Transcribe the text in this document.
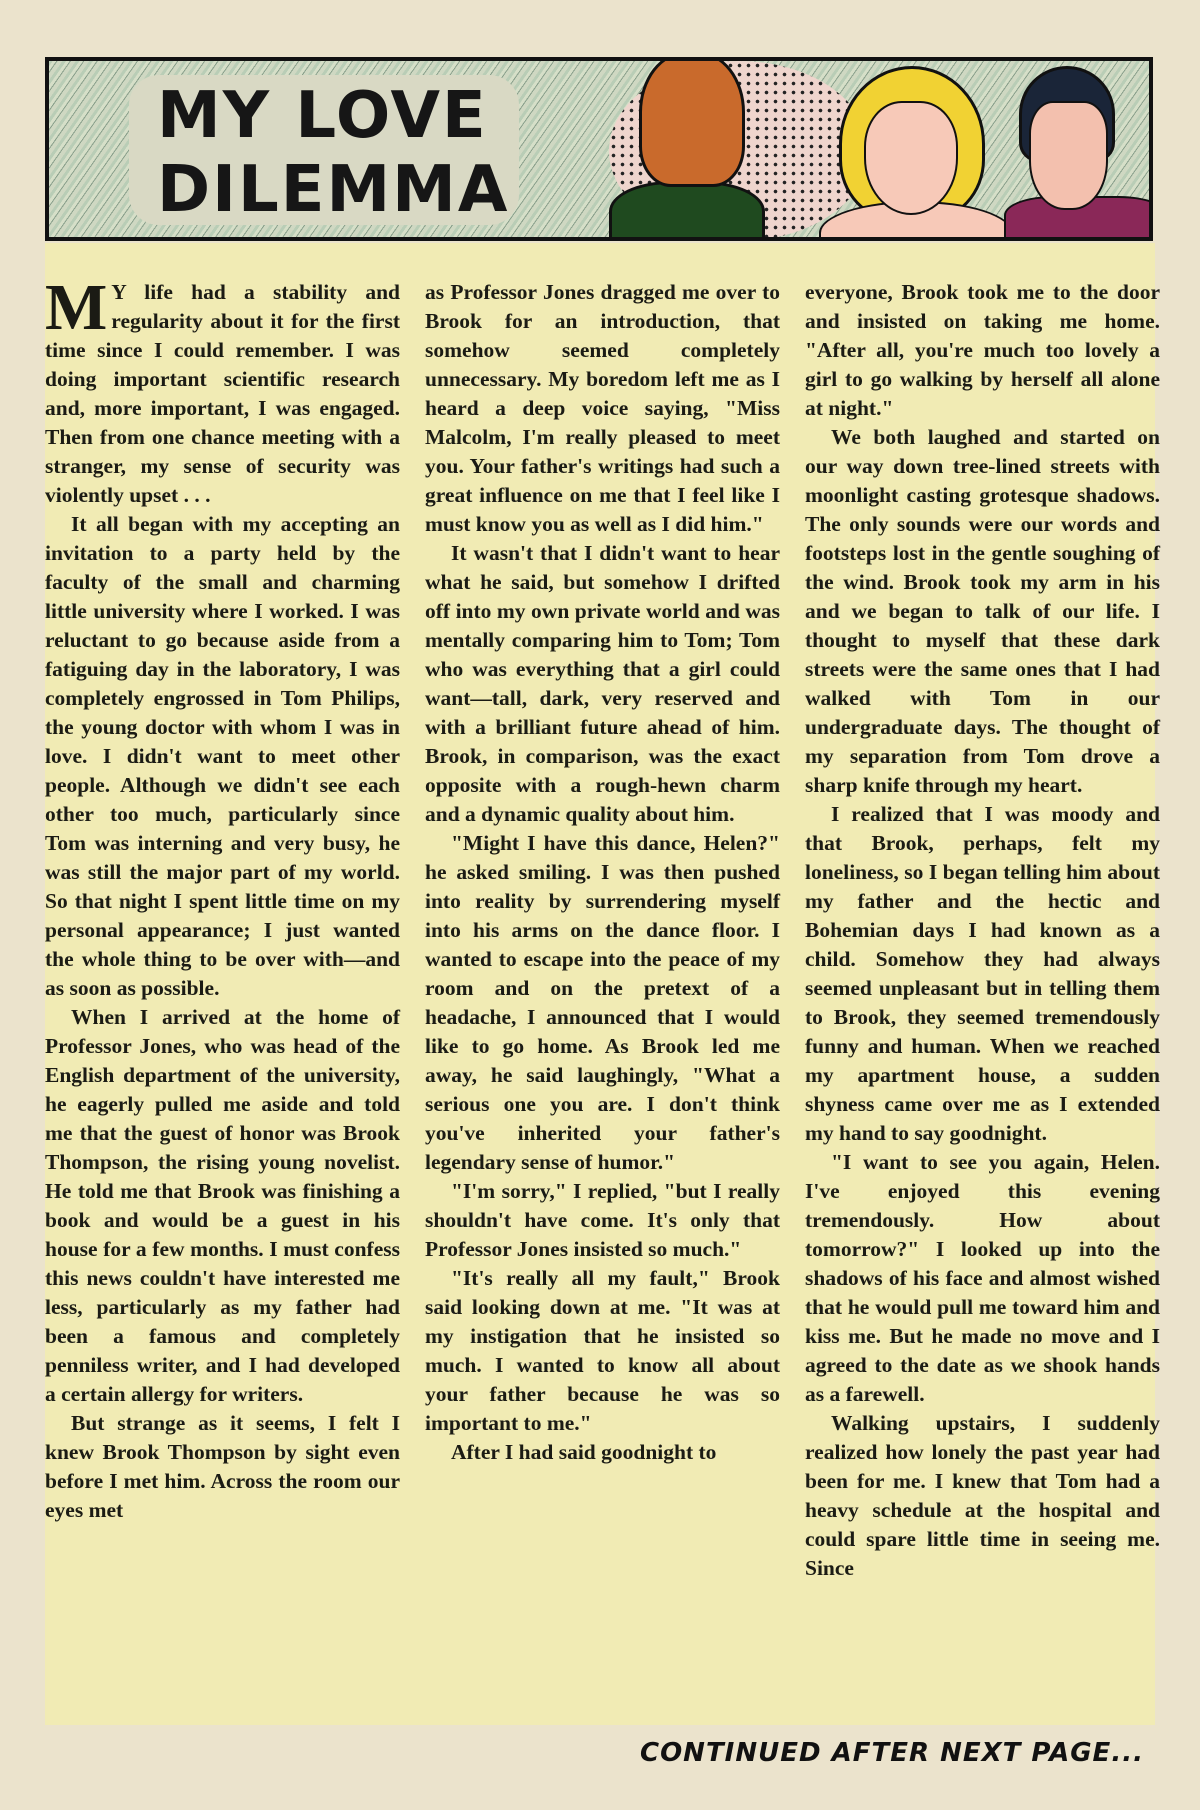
MY LOVE
DILEMMA

M Y life had a stability and regularity about it for the first time since I could remember. I was doing important scientific research and, more important, I was engaged. Then from one chance meeting with a stranger, my sense of security was violently upset . . .

It all began with my accepting an invitation to a party held by the faculty of the small and charming little university where I worked. I was reluctant to go because aside from a fatiguing day in the laboratory, I was completely engrossed in Tom Philips, the young doctor with whom I was in love. I didn't want to meet other people. Although we didn't see each other too much, particularly since Tom was interning and very busy, he was still the major part of my world. So that night I spent little time on my personal appearance; I just wanted the whole thing to be over with—and as soon as possible.

When I arrived at the home of Professor Jones, who was head of the English department of the university, he eagerly pulled me aside and told me that the guest of honor was Brook Thompson, the rising young novelist. He told me that Brook was finishing a book and would be a guest in his house for a few months. I must confess this news couldn't have interested me less, particularly as my father had been a famous and completely penniless writer, and I had developed a certain allergy for writers.

But strange as it seems, I felt I knew Brook Thompson by sight even before I met him. Across the room our eyes met

as Professor Jones dragged me over to Brook for an introduction, that somehow seemed completely unnecessary. My boredom left me as I heard a deep voice saying, "Miss Malcolm, I'm really pleased to meet you. Your father's writings had such a great influence on me that I feel like I must know you as well as I did him."

It wasn't that I didn't want to hear what he said, but somehow I drifted off into my own private world and was mentally comparing him to Tom; Tom who was everything that a girl could want—tall, dark, very reserved and with a brilliant future ahead of him. Brook, in comparison, was the exact opposite with a rough-hewn charm and a dynamic quality about him.

"Might I have this dance, Helen?" he asked smiling. I was then pushed into reality by surrendering myself into his arms on the dance floor. I wanted to escape into the peace of my room and on the pretext of a headache, I announced that I would like to go home. As Brook led me away, he said laughingly, "What a serious one you are. I don't think you've inherited your father's legendary sense of humor."

"I'm sorry," I replied, "but I really shouldn't have come. It's only that Professor Jones insisted so much."

"It's really all my fault," Brook said looking down at me. "It was at my instigation that he insisted so much. I wanted to know all about your father because he was so important to me."

After I had said goodnight to

everyone, Brook took me to the door and insisted on taking me home. "After all, you're much too lovely a girl to go walking by herself all alone at night."

We both laughed and started on our way down tree-lined streets with moonlight casting grotesque shadows. The only sounds were our words and footsteps lost in the gentle soughing of the wind. Brook took my arm in his and we began to talk of our life. I thought to myself that these dark streets were the same ones that I had walked with Tom in our undergraduate days. The thought of my separation from Tom drove a sharp knife through my heart.

I realized that I was moody and that Brook, perhaps, felt my loneliness, so I began telling him about my father and the hectic and Bohemian days I had known as a child. Somehow they had always seemed unpleasant but in telling them to Brook, they seemed tremendously funny and human. When we reached my apartment house, a sudden shyness came over me as I extended my hand to say goodnight.

"I want to see you again, Helen. I've enjoyed this evening tremendously. How about tomorrow?" I looked up into the shadows of his face and almost wished that he would pull me toward him and kiss me. But he made no move and I agreed to the date as we shook hands as a farewell.

Walking upstairs, I suddenly realized how lonely the past year had been for me. I knew that Tom had a heavy schedule at the hospital and could spare little time in seeing me. Since

CONTINUED AFTER NEXT PAGE...
